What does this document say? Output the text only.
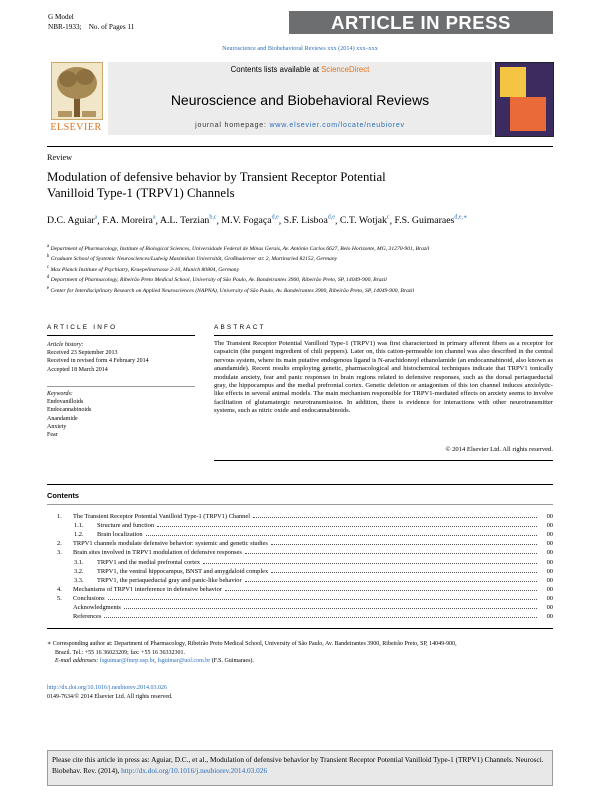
G Model
NBR-1933; No. of Pages 11	ARTICLE IN PRESS
Neuroscience and Biobehavioral Reviews xxx (2014) xxx–xxx
ELSEVIER
Contents lists available at ScienceDirect
Neuroscience and Biobehavioral Reviews
journal homepage: www.elsevier.com/locate/neubiorev
Review
Modulation of defensive behavior by Transient Receptor Potential
Vanilloid Type-1 (TRPV1) Channels
D.C. Aguiar$^a$, F.A. Moreira$^a$, A.L. Terzian$^{b,c}$, M.V. Fogaça$^{d,e}$, S.F. Lisboa$^{d,e}$, C.T. Wotjak$^c$, F.S. Guimaraes$^{d,e,∗}$
$^a$ Department of Pharmacology, Institute of Biological Sciences, Universidade Federal de Minas Gerais, Av. Antônio Carlos 6627, Belo Horizonte, MG, 31270-901, Brazil
$^b$ Graduate School of Systemic Neurosciences/Ludwig Maximilian Universität, Großhaderner str. 2, Martinsried 82152, Germany
$^c$ Max Planck Institute of Psychiatry, Kraepelinstrasse 2-10, Munich 80804, Germany
$^d$ Department of Pharmacology, Ribeirão Preto Medical School, University of São Paulo, Av. Bandeirantes 3900, Ribeirão Preto, SP, 14049-900, Brazil
$^e$ Center for Interdisciplinary Research on Applied Neurosciences (NAPNA), University of São Paulo, Av. Bandeirantes 3900, Ribeirão Preto, SP, 14049-900, Brazil
ARTICLE INFO
Article history:
Received 23 September 2013
Received in revised form 4 February 2014
Accepted 18 March 2014
Keywords:
Endovanilloids
Endocannabinoids
Anandamide
Anxiety
Fear
ABSTRACT
The Transient Receptor Potential Vanilloid Type-1 (TRPV1) was first characterized in primary afferent fibers as a receptor for capsaicin (the pungent ingredient of chili peppers). Later on, this cation-permeable ion channel was also described in the central nervous system, where its main putative endogenous ligand is N-arachidonoyl ethanolamide (an endocannabinoid, also known as anandamide). Recent results employing genetic, pharmacological and histochemical techniques indicate that TRPV1 tonically modulate anxiety, fear and panic responses in brain regions related to defensive responses, such as the dorsal periaqueductal gray, the hippocampus and the medial prefrontal cortex. Genetic deletion or antagonism of this ion channel induces anxiolytic-like effects in several animal models. The main mechanism responsible for TRPV1-mediated effects on anxiety seems to involve facilitation of glutamatergic neurotransmission. In addition, there is evidence for interactions with other neurotransmitter systems, such as nitric oxide and endocannabinoids.
© 2014 Elsevier Ltd. All rights reserved.
Contents
1.	The Transient Receptor Potential Vanilloid Type-1 (TRPV1) Channel	00
1.1.	Structure and function	00
1.2.	Brain localization	00
2.	TRPV1 channels modulate defensive behavior: systemic and genetic studies	00
3.	Brain sites involved in TRPV1 modulation of defensive responses	00
3.1.	TRPV1 and the medial prefrontal cortex	00
3.2.	TRPV1, the ventral hippocampus, BNST and amygdaloid complex	00
3.3.	TRPV1, the periaqueductal gray and panic-like behavior	00
4.	Mechanisms of TRPV1 interference in defensive behavior	00
5.	Conclusions	00
Acknowledgments	00
References	00
∗ Corresponding author at: Department of Pharmacology, Ribeirão Preto Medical School, University of São Paulo, Av. Bandeirantes 3900, Ribeirão Preto, SP, 14049-900,
Brazil. Tel.: +55 16 36023209; fax: +55 16 36332301.
E-mail addresses: fsguimar@fmrp.usp.br, fsguimar@uol.com.br (F.S. Guimaraes).
http://dx.doi.org/10.1016/j.neubiorev.2014.03.026
0149-7634/© 2014 Elsevier Ltd. All rights reserved.
Please cite this article in press as: Aguiar, D.C., et al., Modulation of defensive behavior by Transient Receptor Potential Vanilloid Type-1 (TRPV1) Channels. Neurosci. Biobehav. Rev. (2014), http://dx.doi.org/10.1016/j.neubiorev.2014.03.026
